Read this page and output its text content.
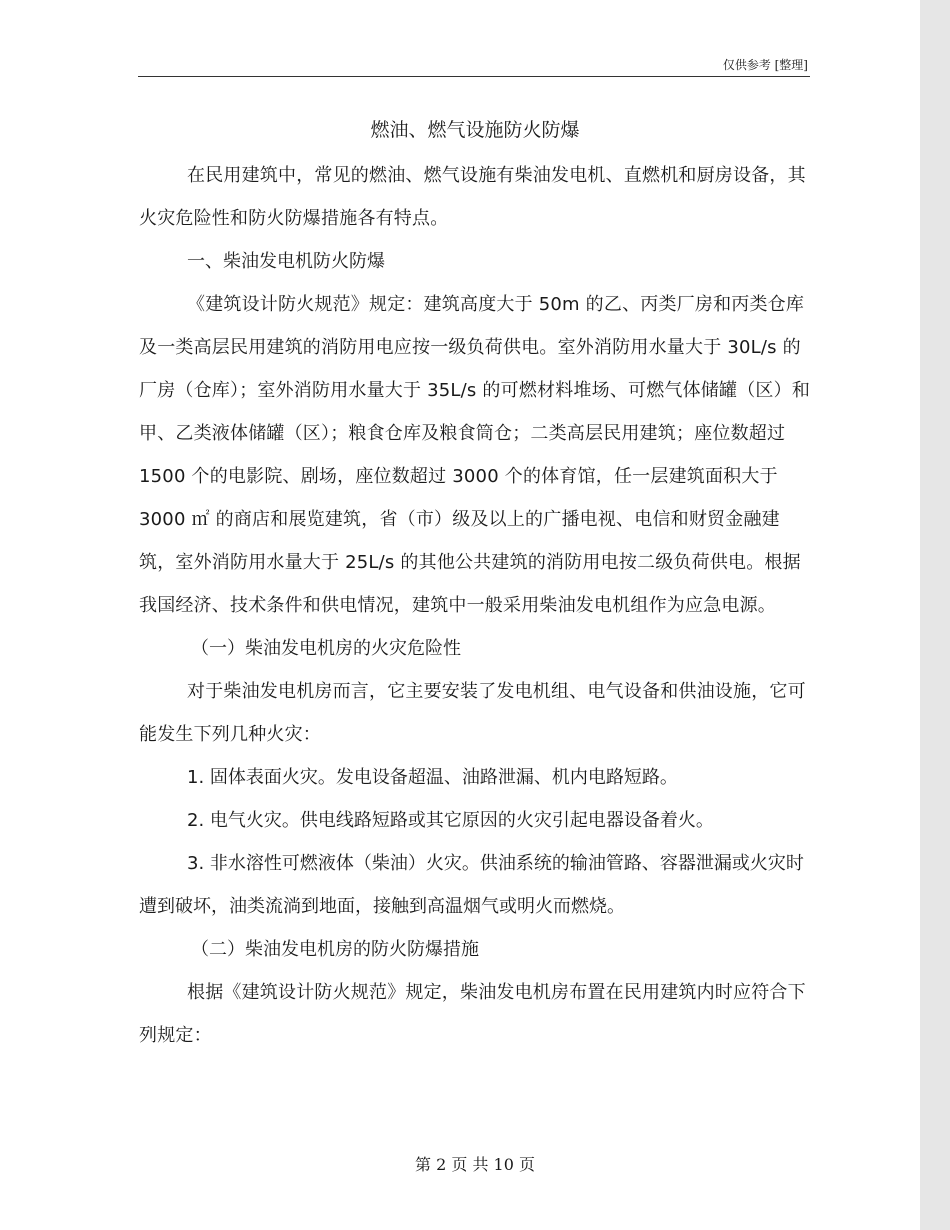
仅供参考 [整理]
燃油、燃气设施防火防爆

在民用建筑中，常见的燃油、燃气设施有柴油发电机、直燃机和厨房设备，其火灾危险性和防火防爆措施各有特点。

一、柴油发电机防火防爆

《建筑设计防火规范》规定：建筑高度大于 50m 的乙、丙类厂房和丙类仓库及一类高层民用建筑的消防用电应按一级负荷供电。室外消防用水量大于 30L/s 的厂房（仓库）；室外消防用水量大于 35L/s 的可燃材料堆场、可燃气体储罐（区）和甲、乙类液体储罐（区）；粮食仓库及粮食筒仓；二类高层民用建筑；座位数超过 1500 个的电影院、剧场，座位数超过 3000 个的体育馆，任一层建筑面积大于 3000 ㎡ 的商店和展览建筑，省（市）级及以上的广播电视、电信和财贸金融建筑，室外消防用水量大于 25L/s 的其他公共建筑的消防用电按二级负荷供电。根据我国经济、技术条件和供电情况，建筑中一般采用柴油发电机组作为应急电源。

（一）柴油发电机房的火灾危险性

对于柴油发电机房而言，它主要安装了发电机组、电气设备和供油设施，它可能发生下列几种火灾：

1. 固体表面火灾。发电设备超温、油路泄漏、机内电路短路。

2. 电气火灾。供电线路短路或其它原因的火灾引起电器设备着火。

3. 非水溶性可燃液体（柴油）火灾。供油系统的输油管路、容器泄漏或火灾时遭到破坏，油类流淌到地面，接触到高温烟气或明火而燃烧。

（二）柴油发电机房的防火防爆措施

根据《建筑设计防火规范》规定，柴油发电机房布置在民用建筑内时应符合下列规定：

第 2 页 共 10 页
